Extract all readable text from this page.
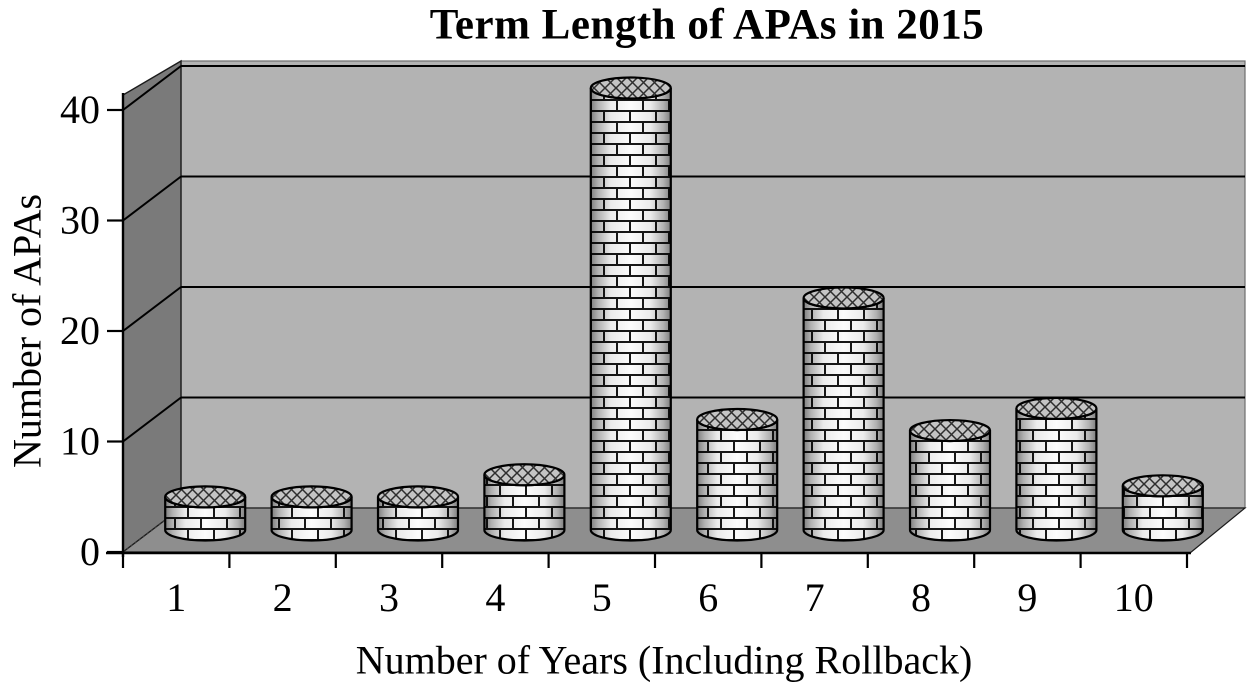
0
10
20
30
40
1 2 3 4 5 6 7 8 9 10
Term Length of APAs in 2015
Number of APAs
Number of Years (Including Rollback)
